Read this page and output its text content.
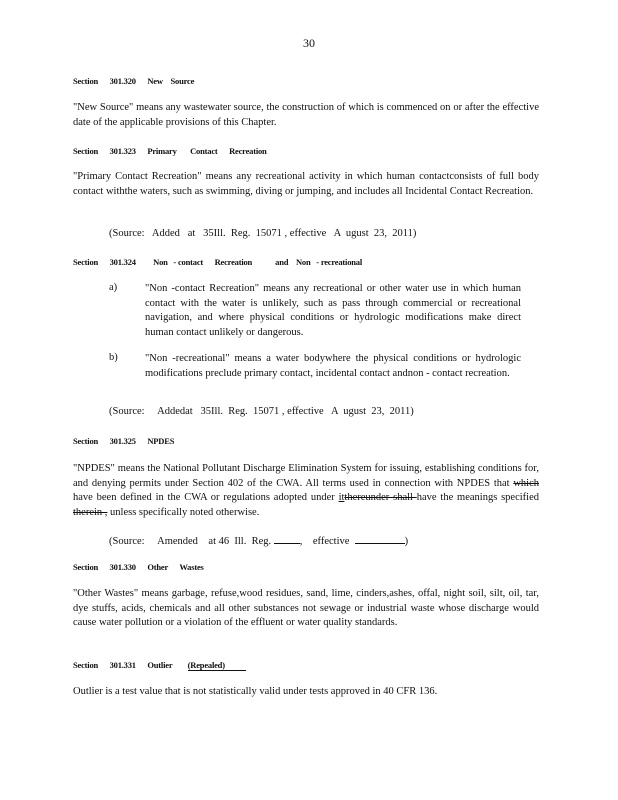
30
Section      301.320      New    Source
"New Source" means any wastewater source, the construction of which is commenced on or after the effective date of the applicable provisions of this Chapter.
Section      301.323      Primary       Contact      Recreation
"Primary Contact Recreation" means any recreational activity in which human contactconsists of full body contact withthe waters, such as swimming, diving or jumping, and includes all Incidental Contact Recreation.
(Source:   Added   at   35Ill.  Reg.  15071 , effective   A  ugust  23,  2011)
Section      301.324         Non   - contact      Recreation            and    Non   - recreational
a)	"Non -contact Recreation" means any recreational or other water use in which human contact with the water is unlikely, such as pass through commercial or recreational navigation, and where physical conditions or hydrologic modifications make direct human contact unlikely or dangerous.
b)	"Non -recreational" means a water bodywhere the physical conditions or hydrologic modifications preclude primary contact, incidental contact andnon - contact recreation.
(Source:     Addedat   35Ill.  Reg.  15071 , effective   A  ugust  23,  2011)
Section      301.325      NPDES
"NPDES" means the National Pollutant Discharge Elimination System for issuing, establishing conditions for, and denying permits under Section 402 of the CWA. All terms used in connection with NPDES that which have been defined in the CWA or regulations adopted under itthereunder shall have the meanings specified therein , unless specifically noted otherwise.
(Source:     Amended    at 46  Ill.  Reg.	,    effective	)
Section      301.330      Other      Wastes
"Other Wastes" means garbage, refuse,wood residues, sand, lime, cinders,ashes, offal, night soil, silt, oil, tar, dye stuffs, acids, chemicals and all other substances not sewage or industrial waste whose discharge would cause water pollution or a violation of the effluent or water quality standards.
Section      301.331      Outlier        (Repealed)
Outlier is a test value that is not statistically valid under tests approved in 40 CFR 136.
